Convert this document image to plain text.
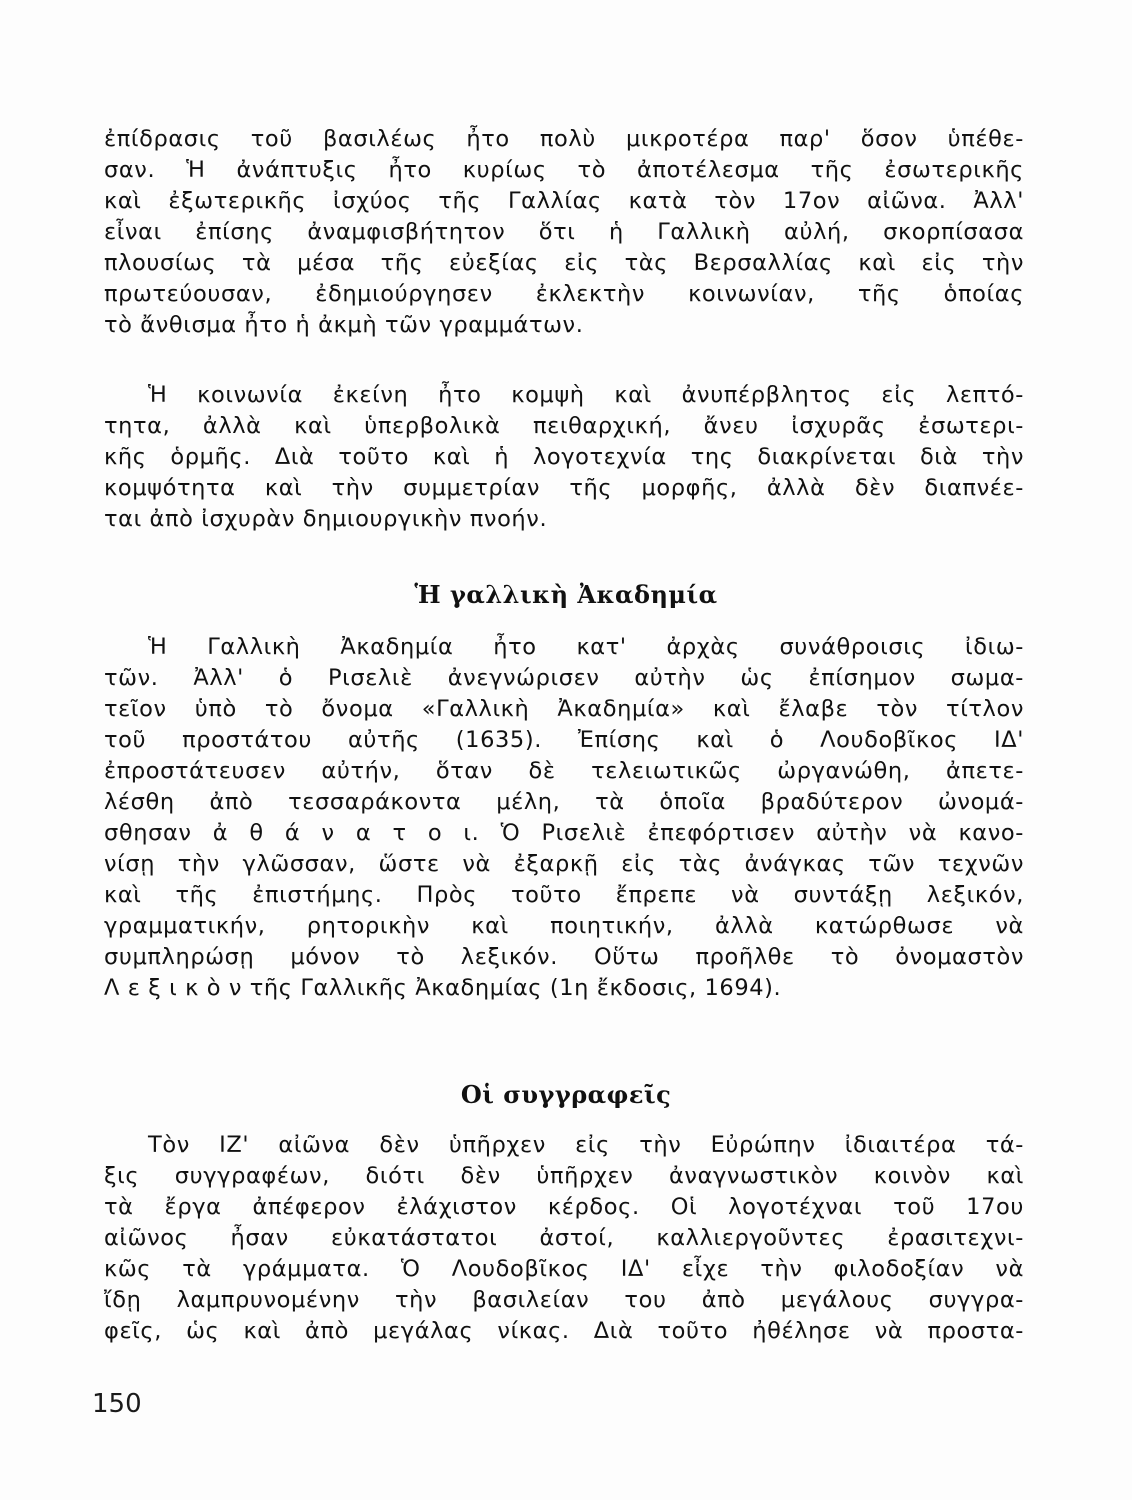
ἐπίδρασις τοῦ βασιλέως ἦτο πολὺ μικροτέρα παρ' ὅσον ὑπέθε-
σαν. Ἡ ἀνάπτυξις ἦτο κυρίως τὸ ἀποτέλεσμα τῆς ἐσωτερικῆς
καὶ ἐξωτερικῆς ἰσχύος τῆς Γαλλίας κατὰ τὸν 17ον αἰῶνα. Ἀλλ'
εἶναι ἐπίσης ἀναμφισβήτητον ὅτι ἡ Γαλλικὴ αὐλή, σκορπίσασα
πλουσίως τὰ μέσα τῆς εὐεξίας εἰς τὰς Βερσαλλίας καὶ εἰς τὴν
πρωτεύουσαν, ἐδημιούργησεν ἐκλεκτὴν κοινωνίαν, τῆς ὁποίας
τὸ ἄνθισμα ἦτο ἡ ἀκμὴ τῶν γραμμάτων.
Ἡ κοινωνία ἐκείνη ἦτο κομψὴ καὶ ἀνυπέρβλητος εἰς λεπτό-
τητα, ἀλλὰ καὶ ὑπερβολικὰ πειθαρχική, ἄνευ ἰσχυρᾶς ἐσωτερι-
κῆς ὁρμῆς. Διὰ τοῦτο καὶ ἡ λογοτεχνία της διακρίνεται διὰ τὴν
κομψότητα καὶ τὴν συμμετρίαν τῆς μορφῆς, ἀλλὰ δὲν διαπνέε-
ται ἀπὸ ἰσχυρὰν δημιουργικὴν πνοήν.
Ἡ γαλλικὴ Ἀκαδημία
Ἡ Γαλλικὴ Ἀκαδημία ἦτο κατ' ἀρχὰς συνάθροισις ἰδιω-
τῶν. Ἀλλ' ὁ Ρισελιὲ ἀνεγνώρισεν αὐτὴν ὡς ἐπίσημον σωμα-
τεῖον ὑπὸ τὸ ὄνομα «Γαλλικὴ Ἀκαδημία» καὶ ἔλαβε τὸν τίτλον
τοῦ προστάτου αὐτῆς (1635). Ἐπίσης καὶ ὁ Λουδοβῖκος ΙΔ'
ἐπροστάτευσεν αὐτήν, ὅταν δὲ τελειωτικῶς ὠργανώθη, ἀπετε-
λέσθη ἀπὸ τεσσαράκοντα μέλη, τὰ ὁποῖα βραδύτερον ὠνομά-
σθησαν ἀ θ ά ν α τ ο ι. Ὁ Ρισελιὲ ἐπεφόρτισεν αὐτὴν νὰ κανο-
νίσῃ τὴν γλῶσσαν, ὥστε νὰ ἐξαρκῇ εἰς τὰς ἀνάγκας τῶν τεχνῶν
καὶ τῆς ἐπιστήμης. Πρὸς τοῦτο ἔπρεπε νὰ συντάξῃ λεξικόν,
γραμματικήν, ρητορικὴν καὶ ποιητικήν, ἀλλὰ κατώρθωσε νὰ
συμπληρώσῃ μόνον τὸ λεξικόν. Οὕτω προῆλθε τὸ ὀνομαστὸν
Λ ε ξ ι κ ὸ ν τῆς Γαλλικῆς Ἀκαδημίας (1η ἔκδοσις, 1694).
Οἱ συγγραφεῖς
Τὸν ΙΖ' αἰῶνα δὲν ὑπῆρχεν εἰς τὴν Εὐρώπην ἰδιαιτέρα τά-
ξις συγγραφέων, διότι δὲν ὑπῆρχεν ἀναγνωστικὸν κοινὸν καὶ
τὰ ἔργα ἀπέφερον ἐλάχιστον κέρδος. Οἱ λογοτέχναι τοῦ 17ου
αἰῶνος ἦσαν εὐκατάστατοι ἀστοί, καλλιεργοῦντες ἐρασιτεχνι-
κῶς τὰ γράμματα. Ὁ Λουδοβῖκος ΙΔ' εἶχε τὴν φιλοδοξίαν νὰ
ἴδῃ λαμπρυνομένην τὴν βασιλείαν του ἀπὸ μεγάλους συγγρα-
φεῖς, ὡς καὶ ἀπὸ μεγάλας νίκας. Διὰ τοῦτο ἠθέλησε νὰ προστα-
150
